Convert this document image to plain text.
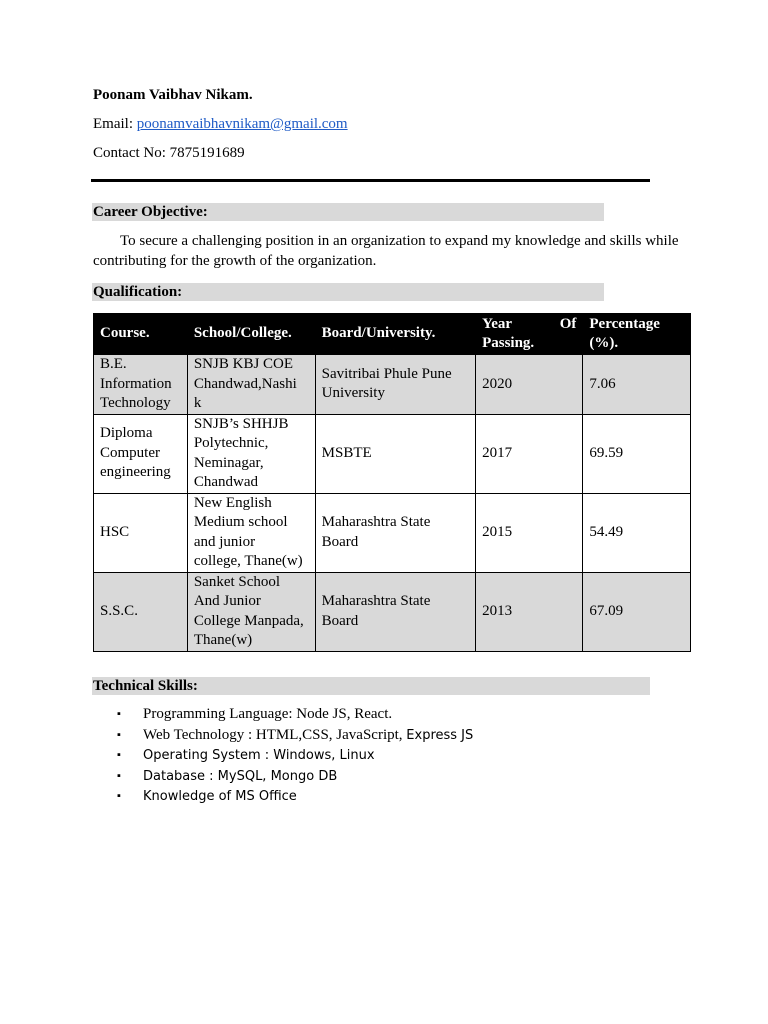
Poonam Vaibhav Nikam.
Email: poonamvaibhavnikam@gmail.com
Contact No: 7875191689
Career Objective:

To secure a challenging position in an organization to expand my knowledge and skills while contributing for the growth of the organization.

Qualification:
Course.	School/College.	Board/University.	Year Of
Passing.	Percentage
(%).

B.E.
Information
Technology	SNJB KBJ COE
Chandwad,Nashi
k	Savitribai Phule Pune
University	2020	7.06

Diploma
Computer
engineering	SNJB’s SHHJB
Polytechnic,
Neminagar,
Chandwad	MSBTE	2017	69.59

HSC	New English
Medium school
and junior
college, Thane(w)	Maharashtra State
Board	2015	54.49

S.S.C.	Sanket School
And Junior
College Manpada,
Thane(w)	Maharashtra State
Board	2013	67.09
Technical Skills:
▪ Programming Language: Node JS, React.
▪ Web Technology : HTML,CSS, JavaScript, Express JS
▪ Operating System : Windows, Linux
▪ Database : MySQL, Mongo DB
▪ Knowledge of MS Office
